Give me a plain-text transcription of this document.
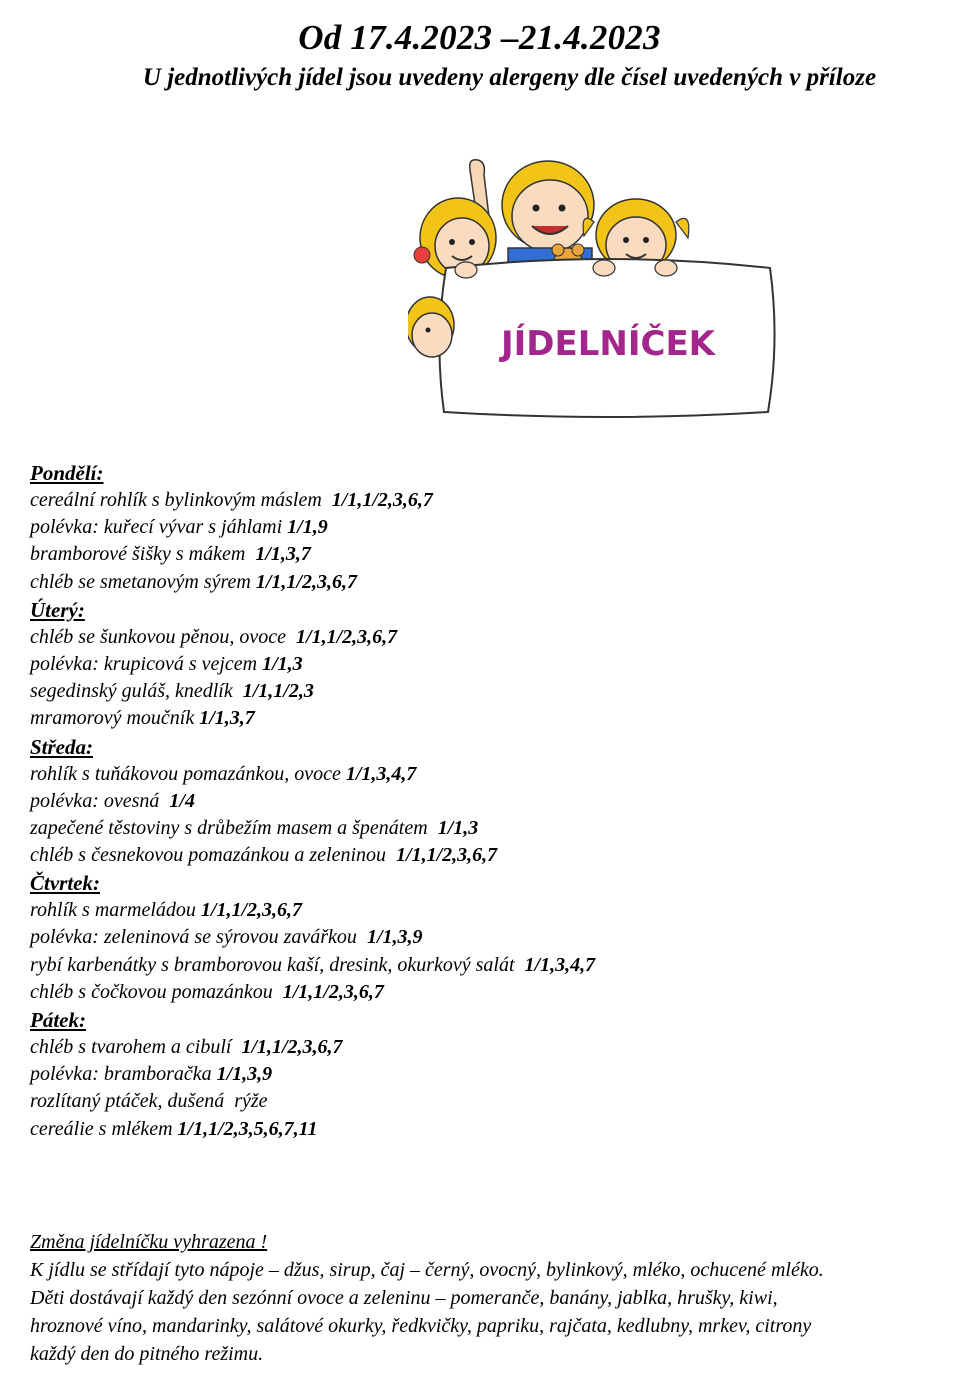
Od 17.4.2023 –21.4.2023
U jednotlivých jídel jsou uvedeny alergeny dle čísel uvedených v příloze
JÍDELNÍČEK
Pondělí:
cereální rohlík s bylinkovým máslem  1/1,1/2,3,6,7
polévka: kuřecí vývar s jáhlami 1/1,9
bramborové šišky s mákem  1/1,3,7
chléb se smetanovým sýrem 1/1,1/2,3,6,7
Úterý:
chléb se šunkovou pěnou, ovoce  1/1,1/2,3,6,7
polévka: krupicová s vejcem 1/1,3
segedinský guláš, knedlík  1/1,1/2,3
mramorový moučník 1/1,3,7
Středa:
rohlík s tuňákovou pomazánkou, ovoce 1/1,3,4,7
polévka: ovesná  1/4
zapečené těstoviny s drůbežím masem a špenátem  1/1,3
chléb s česnekovou pomazánkou a zeleninou  1/1,1/2,3,6,7
Čtvrtek:
rohlík s marmeládou 1/1,1/2,3,6,7
polévka: zeleninová se sýrovou zavářkou  1/1,3,9
rybí karbenátky s bramborovou kaší, dresink, okurkový salát  1/1,3,4,7
chléb s čočkovou pomazánkou  1/1,1/2,3,6,7
Pátek:
chléb s tvarohem a cibulí  1/1,1/2,3,6,7
polévka: bramboračka 1/1,3,9
rozlítaný ptáček, dušená  rýže
cereálie s mlékem 1/1,1/2,3,5,6,7,11
Změna jídelníčku vyhrazena !
K jídlu se střídají tyto nápoje – džus, sirup, čaj – černý, ovocný, bylinkový, mléko, ochucené mléko.
Děti dostávají každý den sezónní ovoce a zeleninu – pomeranče, banány, jablka, hrušky, kiwi,
hroznové víno, mandarinky, salátové okurky, ředkvičky, papriku, rajčata, kedlubny, mrkev, citrony
každý den do pitného režimu.
